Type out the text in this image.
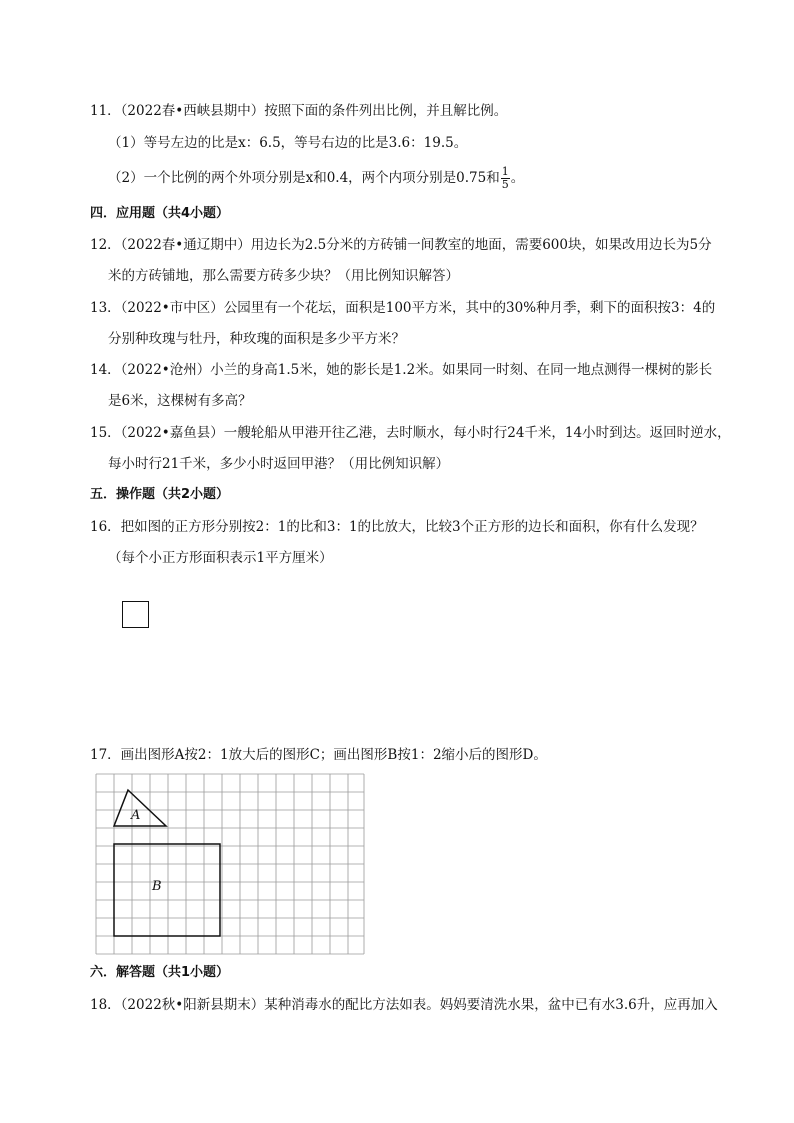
11．（2022春•西峡县期中）按照下面的条件列出比例，并且解比例。
（1）等号左边的比是x：6.5，等号右边的比是3.6：19.5。
（2）一个比例的两个外项分别是x和0.4，两个内项分别是0.75和 $\frac{1}{5}$ 。
四．应用题（共4小题）
12．（2022春•通辽期中）用边长为2.5分米的方砖铺一间教室的地面，需要600块，如果改用边长为5分
米的方砖铺地，那么需要方砖多少块？（用比例知识解答）
13．（2022•市中区）公园里有一个花坛，面积是100平方米，其中的30%种月季，剩下的面积按3：4的
分别种玫瑰与牡丹，种玫瑰的面积是多少平方米？
14．（2022•沧州）小兰的身高1.5米，她的影长是1.2米。如果同一时刻、在同一地点测得一棵树的影长
是6米，这棵树有多高？
15．（2022•嘉鱼县）一艘轮船从甲港开往乙港，去时顺水，每小时行24千米，14小时到达。返回时逆水，
每小时行21千米，多少小时返回甲港？（用比例知识解）
五．操作题（共2小题）
16．把如图的正方形分别按2：1的比和3：1的比放大，比较3个正方形的边长和面积，你有什么发现？
（每个小正方形面积表示1平方厘米）
17．画出图形A按2：1放大后的图形C；画出图形B按1：2缩小后的图形D。
A
B
六．解答题（共1小题）
18．（2022秋•阳新县期末）某种消毒水的配比方法如表。妈妈要清洗水果，盆中已有水3.6升，应再加入
